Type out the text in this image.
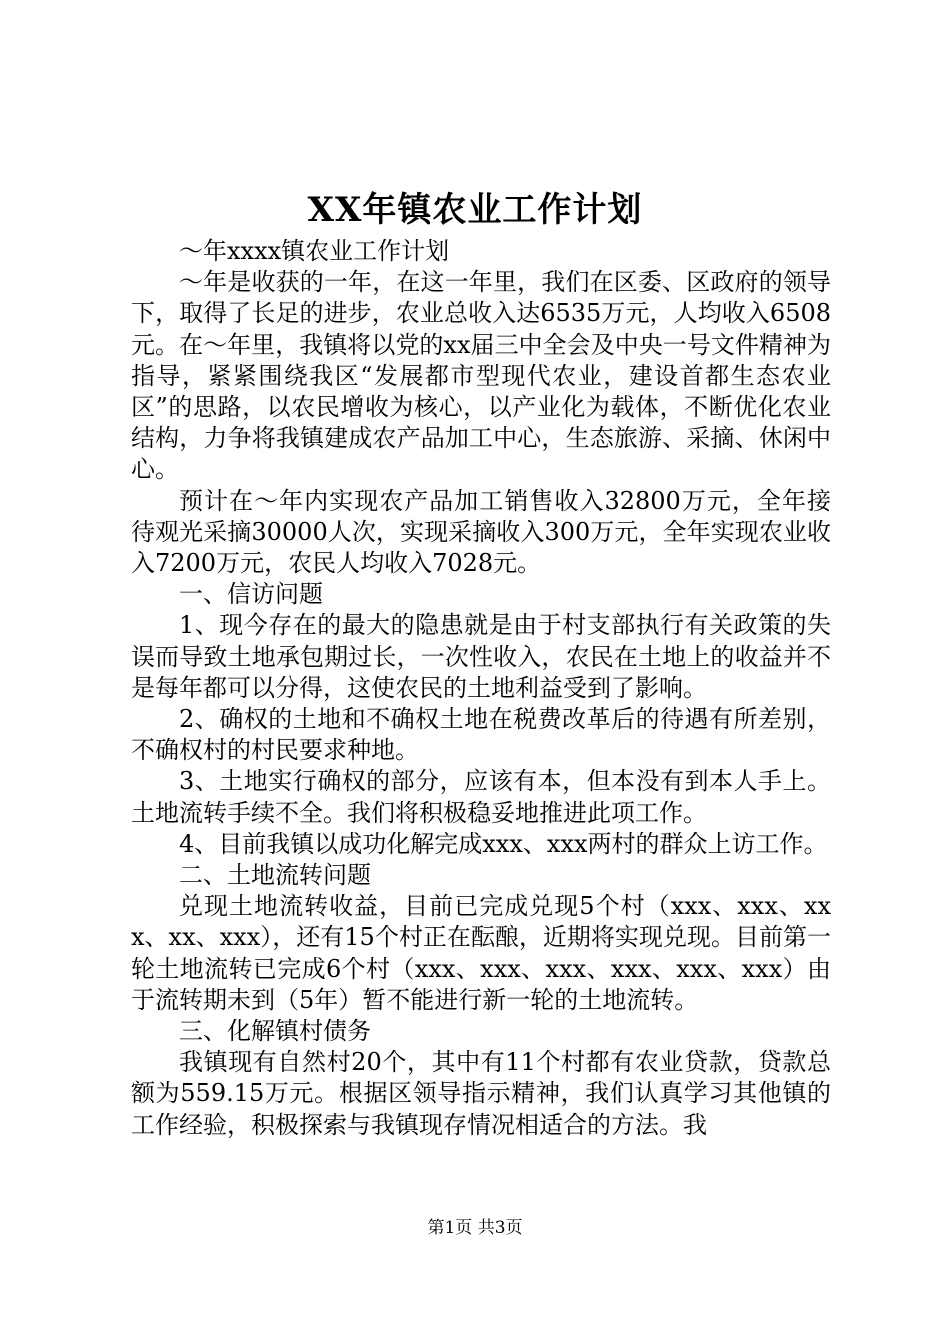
XX年镇农业工作计划

～年xxxx镇农业工作计划

～年是收获的一年，在这一年里，我们在区委、区政府的领导下，取得了长足的进步，农业总收入达6535万元，人均收入6508元。在～年里，我镇将以党的xx届三中全会及中央一号文件精神为指导，紧紧围绕我区“发展都市型现代农业，建设首都生态农业区”的思路，以农民增收为核心，以产业化为载体，不断优化农业结构，力争将我镇建成农产品加工中心，生态旅游、采摘、休闲中心。

预计在～年内实现农产品加工销售收入32800万元，全年接待观光采摘30000人次，实现采摘收入300万元，全年实现农业收入7200万元，农民人均收入7028元。

一、信访问题

1、现今存在的最大的隐患就是由于村支部执行有关政策的失误而导致土地承包期过长，一次性收入，农民在土地上的收益并不是每年都可以分得，这使农民的土地利益受到了影响。

2、确权的土地和不确权土地在税费改革后的待遇有所差别，不确权村的村民要求种地。

3、土地实行确权的部分，应该有本，但本没有到本人手上。土地流转手续不全。我们将积极稳妥地推进此项工作。

4、目前我镇以成功化解完成xxx、xxx两村的群众上访工作。

二、土地流转问题

兑现土地流转收益，目前已完成兑现5个村（xxx、xxx、xxx、xx、xxx），还有15个村正在酝酿，近期将实现兑现。目前第一轮土地流转已完成6个村（xxx、xxx、xxx、xxx、xxx、xxx）由于流转期未到（5年）暂不能进行新一轮的土地流转。

三、化解镇村债务

我镇现有自然村20个，其中有11个村都有农业贷款，贷款总额为559.15万元。根据区领导指示精神，我们认真学习其他镇的工作经验，积极探索与我镇现存情况相适合的方法。我

第1页 共3页
